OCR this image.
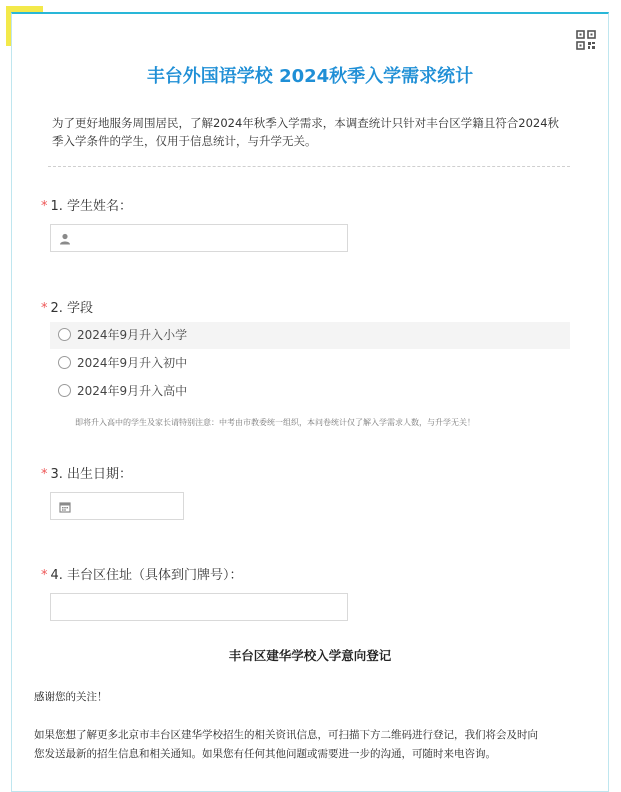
丰台外国语学校 2024秋季入学需求统计
为了更好地服务周围居民，了解2024年秋季入学需求，本调查统计只针对丰台区学籍且符合2024秋季入学条件的学生，仅用于信息统计，与升学无关。
* 1. 学生姓名：
* 2. 学段
2024年9月升入小学
2024年9月升入初中
2024年9月升入高中
即将升入高中的学生及家长请特别注意：中考由市教委统一组织，本问卷统计仅了解入学需求人数，与升学无关！
* 3. 出生日期：
* 4. 丰台区住址（具体到门牌号）：
丰台区建华学校入学意向登记
感谢您的关注！
如果您想了解更多北京市丰台区建华学校招生的相关资讯信息，可扫描下方二维码进行登记，我们将会及时向您发送最新的招生信息和相关通知。如果您有任何其他问题或需要进一步的沟通，可随时来电咨询。
